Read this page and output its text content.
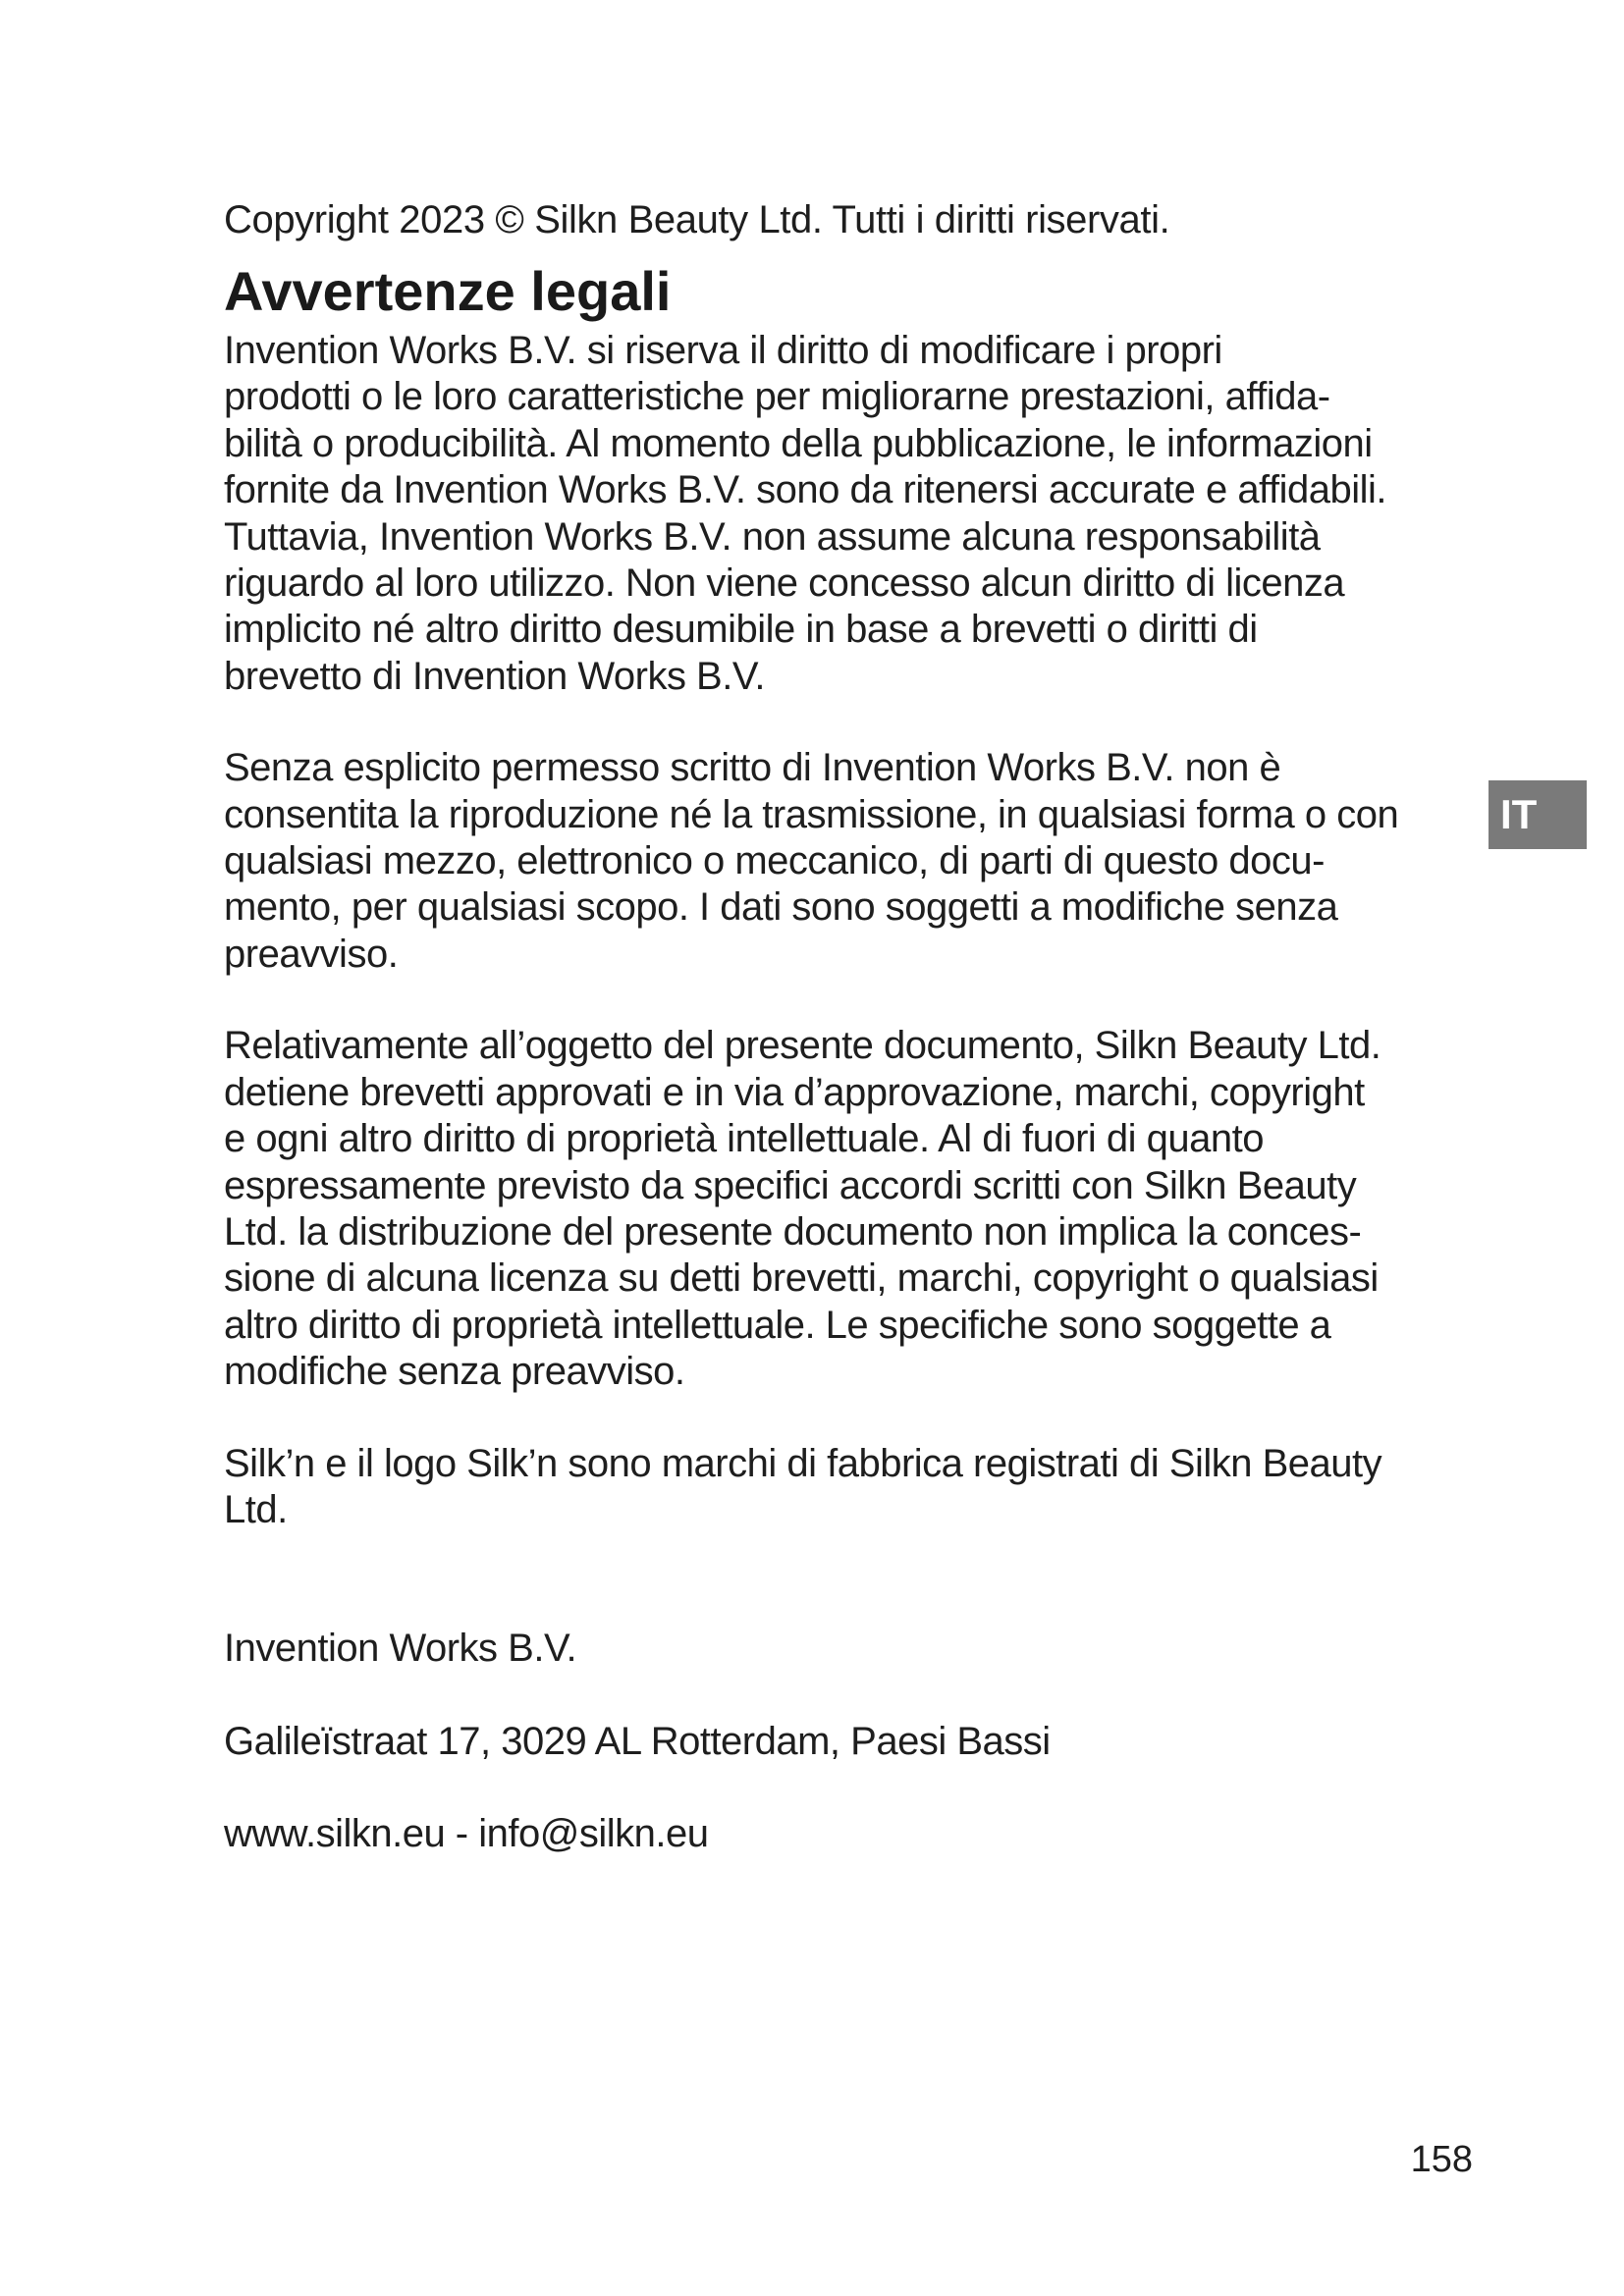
Copyright 2023 © Silkn Beauty Ltd. Tutti i diritti riservati.

Avvertenze legali

Invention Works B.V. si riserva il diritto di modificare i propri
prodotti o le loro caratteristiche per migliorarne prestazioni, affida-
bilità o producibilità. Al momento della pubblicazione, le informazioni
fornite da Invention Works B.V. sono da ritenersi accurate e affidabili.
Tuttavia, Invention Works B.V. non assume alcuna responsabilità
riguardo al loro utilizzo. Non viene concesso alcun diritto di licenza
implicito né altro diritto desumibile in base a brevetti o diritti di
brevetto di Invention Works B.V.

Senza esplicito permesso scritto di Invention Works B.V. non è
consentita la riproduzione né la trasmissione, in qualsiasi forma o con
qualsiasi mezzo, elettronico o meccanico, di parti di questo docu-
mento, per qualsiasi scopo. I dati sono soggetti a modifiche senza
preavviso.

Relativamente all’oggetto del presente documento, Silkn Beauty Ltd.
detiene brevetti approvati e in via d’approvazione, marchi, copyright
e ogni altro diritto di proprietà intellettuale. Al di fuori di quanto
espressamente previsto da specifici accordi scritti con Silkn Beauty
Ltd. la distribuzione del presente documento non implica la conces-
sione di alcuna licenza su detti brevetti, marchi, copyright o qualsiasi
altro diritto di proprietà intellettuale. Le specifiche sono soggette a
modifiche senza preavviso.

Silk’n e il logo Silk’n sono marchi di fabbrica registrati di Silkn Beauty
Ltd.

Invention Works B.V.

Galileïstraat 17, 3029 AL Rotterdam, Paesi Bassi

www.silkn.eu - info@silkn.eu

IT
158
